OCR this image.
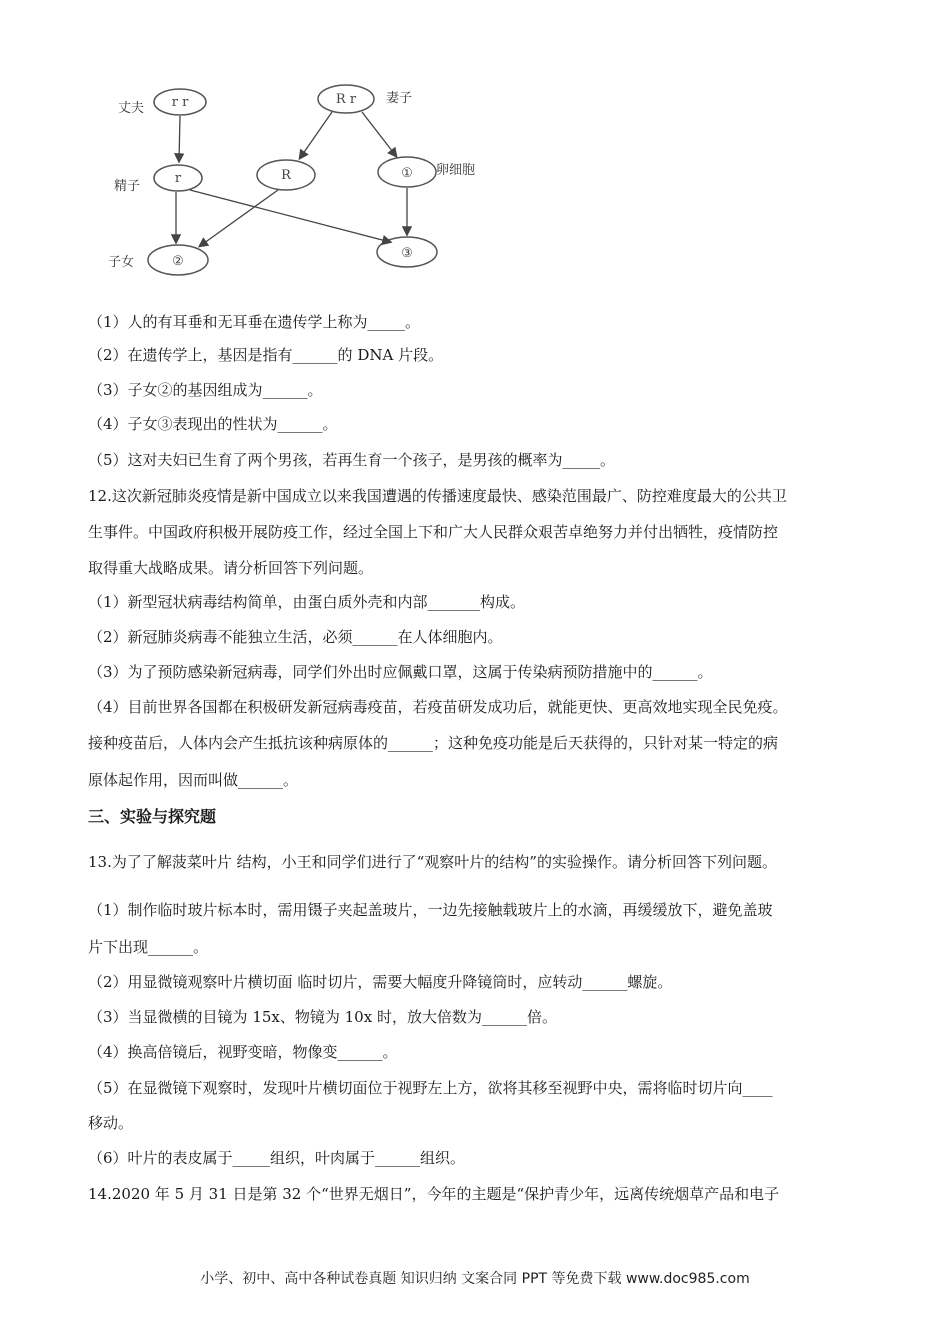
丈夫
妻子
精子
卵细胞
子女
r r	R r
r	R	①
②
③
（1）人的有耳垂和无耳垂在遗传学上称为_____。
（2）在遗传学上，基因是指有______的 DNA 片段。
（3）子女②的基因组成为______。
（4）子女③表现出的性状为______。
（5）这对夫妇已生育了两个男孩，若再生育一个孩子，是男孩的概率为_____。
12.这次新冠肺炎疫情是新中国成立以来我国遭遇的传播速度最快、感染范围最广、防控难度最大的公共卫
生事件。中国政府积极开展防疫工作，经过全国上下和广大人民群众艰苦卓绝努力并付出牺牲，疫情防控
取得重大战略成果。请分析回答下列问题。
（1）新型冠状病毒结构简单，由蛋白质外壳和内部_______构成。
（2）新冠肺炎病毒不能独立生活，必须______在人体细胞内。
（3）为了预防感染新冠病毒，同学们外出时应佩戴口罩，这属于传染病预防措施中的______。
（4）目前世界各国都在积极研发新冠病毒疫苗，若疫苗研发成功后，就能更快、更高效地实现全民免疫。
接种疫苗后，人体内会产生抵抗该种病原体的______；这种免疫功能是后天获得的，只针对某一特定的病
原体起作用，因而叫做______。
三、实验与探究题
13.为了了解菠菜叶片 结构，小王和同学们进行了“观察叶片的结构”的实验操作。请分析回答下列问题。
（1）制作临时玻片标本时，需用镊子夹起盖玻片，一边先接触载玻片上的水滴，再缓缓放下，避免盖玻
片下出现______。
（2）用显微镜观察叶片横切面 临时切片，需要大幅度升降镜筒时，应转动______螺旋。
（3）当显微横的目镜为 15x、物镜为 10x 时，放大倍数为______倍。
（4）换高倍镜后，视野变暗，物像变______。
（5）在显微镜下观察时，发现叶片横切面位于视野左上方，欲将其移至视野中央，需将临时切片向____
移动。
（6）叶片的表皮属于_____组织，叶肉属于______组织。
14.2020 年 5 月 31 日是第 32 个“世界无烟日”，今年的主题是“保护青少年，远离传统烟草产品和电子
小学、初中、高中各种试卷真题 知识归纳 文案合同 PPT 等免费下载 www.doc985.com
